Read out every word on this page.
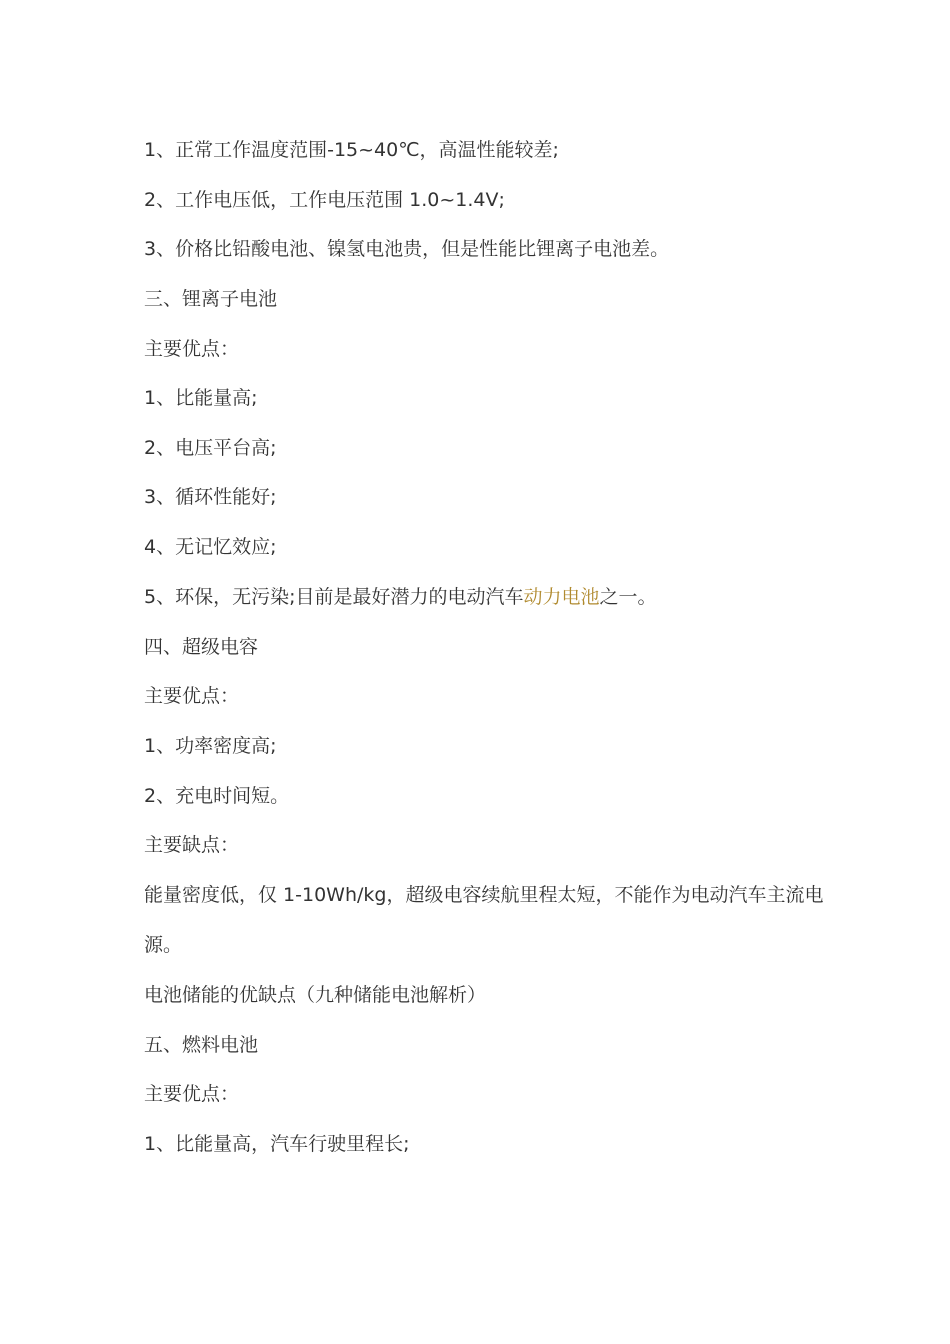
1、正常工作温度范围-15~40℃，高温性能较差;
2、工作电压低，工作电压范围 1.0~1.4V;
3、价格比铅酸电池、镍氢电池贵，但是性能比锂离子电池差。
三、锂离子电池
主要优点：
1、比能量高;
2、电压平台高;
3、循环性能好;
4、无记忆效应;
5、环保，无污染;目前是最好潜力的电动汽车动力电池之一。
四、超级电容
主要优点：
1、功率密度高;
2、充电时间短。
主要缺点：
能量密度低，仅 1-10Wh/kg，超级电容续航里程太短，不能作为电动汽车主流电
源。
电池储能的优缺点（九种储能电池解析）
五、燃料电池
主要优点：
1、比能量高，汽车行驶里程长;
